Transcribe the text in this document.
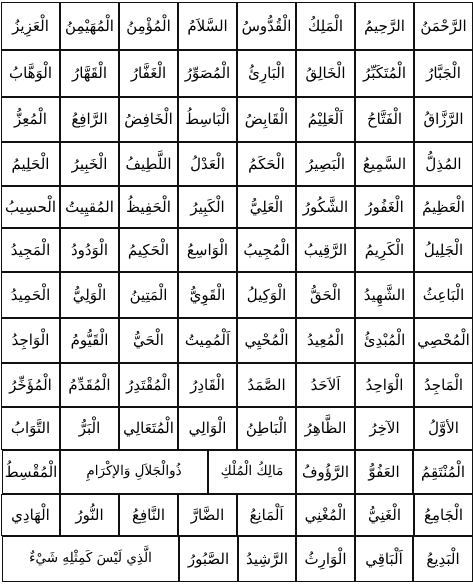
الرَّحْمَنُ
الرَّحِيمُ
الْمَلِكُ
الْقُدُّوسُ
السَّلاَمُ
الْمُؤْمِنُ
الْمُهَيْمِنُ
الْعَزِيزُ
الْجَبَّارُ
الْمُتَكَبِّرُ
الْخَالِقُ
الْبَارِئُ
الْمُصَوِّرُ
الْغَفَّارُ
الْقَهَّارُ
الْوَهَّابُ
الرَّزَّاقُ
الْفَتَّاحُ
اَلْعَلِيْمُ
الْقَابِضُ
الْبَاسِطُ
الْخَافِضُ
الرَّافِعُ
الْمُعِزُّ
المُذِلُّ
السَّمِيعُ
الْبَصِيرُ
الْحَكَمُ
الْعَدْلُ
اللَّطِيفُ
الْخَبِيرُ
الْحَلِيمُ
الْعَظِيمُ
الْغَفُورُ
الشَّكُورُ
الْعَلِيُّ
الْكَبِيرُ
الْحَفِيظُ
المُقيِيتُ
الْحسِيبُ
الْجَلِيلُ
الْكَرِيمُ
الرَّقِيبُ
الْمُجِيبُ
الْوَاسِعُ
الْحَكِيمُ
الْوَدُودُ
الْمَجِيدُ
الْبَاعِثُ
الشَّهِيدُ
الْحَقُّ
الْوَكِيلُ
الْقَوِيُّ
الْمَتِينُ
الْوَلِيُّ
الْحَمِيدُ
الْمُحْصِي
الْمُبْدِئُ
الْمُعِيدُ
الْمُحْيِي
اَلْمُمِيتُ
الْحَيُّ
الْقَيُّومُ
الْوَاجِدُ
الْمَاجِدُ
الْوَاحِدُ
اَلاَحَدُ
الصَّمَدُ
الْقَادِرُ
الْمُقْتَدِرُ
الْمُقَدِّمُ
الْمُؤَخِّرُ
الأوَّلُ
الآخِرُ
الظَّاهِرُ
الْبَاطِنُ
الْوَالِي
الْمُتَعَالِي
الْبَرُّ
التَّوَابُ
الْمُنْتَقِمُ
العَفُوُّ
الرَّؤُوفُ
مَالِكُ الْمُلْكِ
ذُوالْجَلاَلِ وَالإكْرَامِ
الْمُقْسِطُ
الْجَامِعُ
الْغَنِيُّ
الْمُغْنِي
اَلْمَانِعُ
الضَّارَّ
النَّافِعُ
النُّورُ
الْهَادِي
الْبَدِيعُ
اَلْبَاقِي
الْوَارِثُ
الرَّشِيدُ
الصَّبُورُ
الَّذِي لَيْسَ كَمِثْلِهِ شَيْءٌ
